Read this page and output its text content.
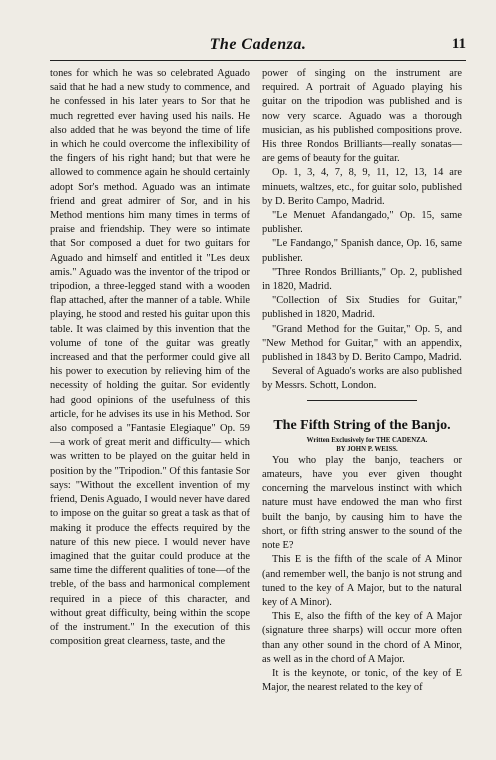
The Cadenza.	11

tones for which he was so celebrated Aguado said that he had a new study to commence, and he confessed in his later years to Sor that he much regretted ever having used his nails. He also added that he was beyond the time of life in which he could overcome the inflexibility of the fingers of his right hand; but that were he allowed to commence again he should certainly adopt Sor's method. Aguado was an intimate friend and great admirer of Sor, and in his Method mentions him many times in terms of praise and friendship. They were so intimate that Sor composed a duet for two guitars for Aguado and himself and entitled it "Les deux amis." Aguado was the inventor of the tripod or tripodion, a three-legged stand with a wooden flap attached, after the manner of a table. While playing, he stood and rested his guitar upon this table. It was claimed by this invention that the volume of tone of the guitar was greatly increased and that the performer could give all his power to execution by relieving him of the necessity of holding the guitar. Sor evidently had good opinions of the usefulness of this article, for he advises its use in his Method. Sor also composed a "Fantasie Elegiaque" Op. 59 —a work of great merit and difficulty— which was written to be played on the guitar held in position by the "Tripodion." Of this fantasie Sor says: "Without the excellent invention of my friend, Denis Aguado, I would never have dared to impose on the guitar so great a task as that of making it produce the effects required by the nature of this new piece. I would never have imagined that the guitar could produce at the same time the different qualities of tone—of the treble, of the bass and harmonical complement required in a piece of this character, and without great difficulty, being within the scope of the instrument." In the execution of this composition great clearness, taste, and the

power of singing on the instrument are required. A portrait of Aguado playing his guitar on the tripodion was published and is now very scarce. Aguado was a thorough musician, as his published compositions prove. His three Rondos Brilliants—really sonatas—are gems of beauty for the guitar.

Op. 1, 3, 4, 7, 8, 9, 11, 12, 13, 14 are minuets, waltzes, etc., for guitar solo, published by D. Berito Campo, Madrid.

"Le Menuet Afandangado," Op. 15, same publisher.

"Le Fandango," Spanish dance, Op. 16, same publisher.

"Three Rondos Brilliants," Op. 2, published in 1820, Madrid.

"Collection of Six Studies for Guitar," published in 1820, Madrid.

"Grand Method for the Guitar," Op. 5, and "New Method for Guitar," with an appendix, published in 1843 by D. Berito Campo, Madrid.

Several of Aguado's works are also published by Messrs. Schott, London.

The Fifth String of the Banjo.

Written Exclusively for THE CADENZA.

BY JOHN P. WEISS.

You who play the banjo, teachers or amateurs, have you ever given thought concerning the marvelous instinct with which nature must have endowed the man who first built the banjo, by causing him to have the short, or fifth string answer to the sound of the note E?

This E is the fifth of the scale of A Minor (and remember well, the banjo is not strung and tuned to the key of A Major, but to the natural key of A Minor).

This E, also the fifth of the key of A Major (signature three sharps) will occur more often than any other sound in the chord of A Minor, as well as in the chord of A Major.

It is the keynote, or tonic, of the key of E Major, the nearest related to the key of
